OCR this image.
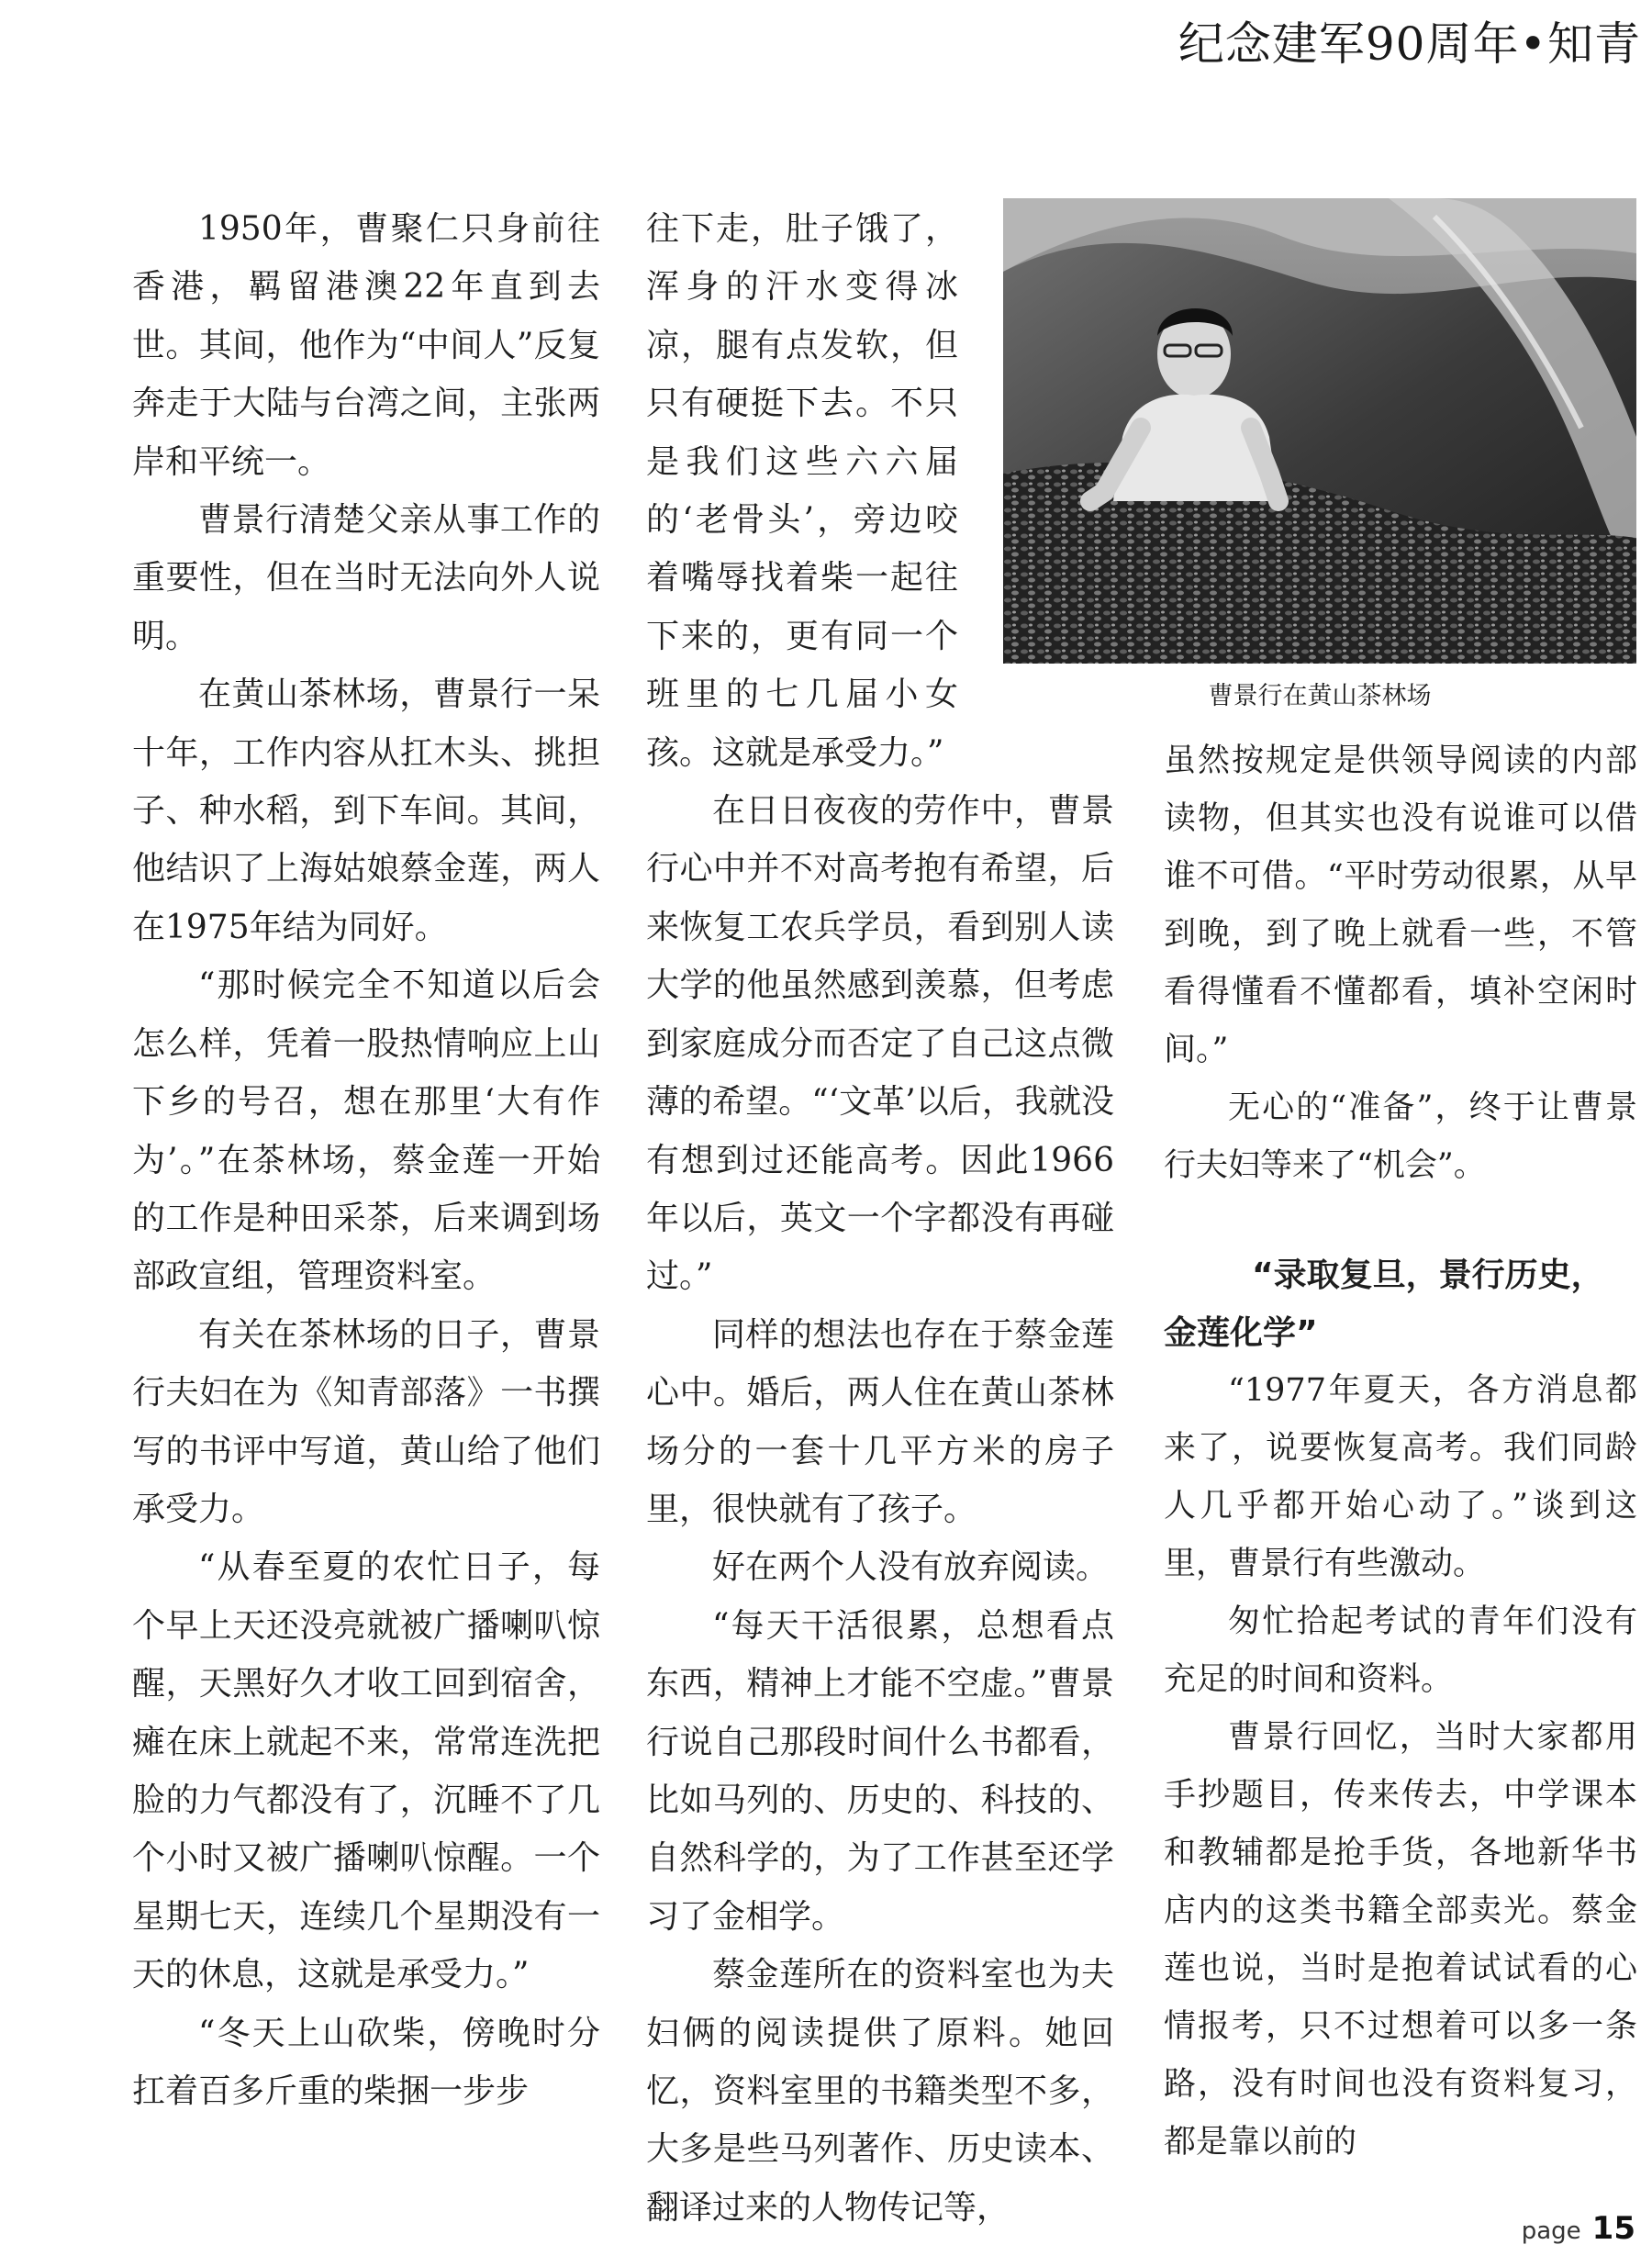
纪念建军90周年•知青

1950年，曹聚仁只身前往香港，羁留港澳22年直到去世。其间，他作为“中间人”反复奔走于大陆与台湾之间，主张两岸和平统一。

曹景行清楚父亲从事工作的重要性，但在当时无法向外人说明。

在黄山茶林场，曹景行一呆十年，工作内容从扛木头、挑担子、种水稻，到下车间。其间，他结识了上海姑娘蔡金莲，两人在1975年结为同好。

“那时候完全不知道以后会怎么样，凭着一股热情响应上山下乡的号召，想在那里‘大有作为’。”在茶林场，蔡金莲一开始的工作是种田采茶，后来调到场部政宣组，管理资料室。

有关在茶林场的日子，曹景行夫妇在为《知青部落》一书撰写的书评中写道，黄山给了他们承受力。

“从春至夏的农忙日子，每个早上天还没亮就被广播喇叭惊醒，天黑好久才收工回到宿舍，瘫在床上就起不来，常常连洗把脸的力气都没有了，沉睡不了几个小时又被广播喇叭惊醒。一个星期七天，连续几个星期没有一天的休息，这就是承受力。”

“冬天上山砍柴，傍晚时分扛着百多斤重的柴捆一步步

往下走，肚子饿了，浑身的汗水变得冰凉，腿有点发软，但只有硬挺下去。不只是我们这些六六届的‘老骨头’，旁边咬着嘴辱找着柴一起往下来的，更有同一个班里的七几届小女孩。这就是承受力。”

在日日夜夜的劳作中，曹景行心中并不对高考抱有希望，后来恢复工农兵学员，看到别人读大学的他虽然感到羡慕，但考虑到家庭成分而否定了自己这点微薄的希望。“‘文革’以后，我就没有想到过还能高考。因此1966年以后，英文一个字都没有再碰过。”

同样的想法也存在于蔡金莲心中。婚后，两人住在黄山茶林场分的一套十几平方米的房子里，很快就有了孩子。

好在两个人没有放弃阅读。

“每天干活很累，总想看点东西，精神上才能不空虚。”曹景行说自己那段时间什么书都看，比如马列的、历史的、科技的、自然科学的，为了工作甚至还学习了金相学。

蔡金莲所在的资料室也为夫妇俩的阅读提供了原料。她回忆，资料室里的书籍类型不多，大多是些马列著作、历史读本、翻译过来的人物传记等，

曹景行在黄山茶林场

虽然按规定是供领导阅读的内部读物，但其实也没有说谁可以借谁不可借。“平时劳动很累，从早到晚，到了晚上就看一些，不管看得懂看不懂都看，填补空闲时间。”

无心的“准备”，终于让曹景行夫妇等来了“机会”。

“录取复旦，景行历史，
金莲化学”

“1977年夏天，各方消息都来了，说要恢复高考。我们同龄人几乎都开始心动了。”谈到这里，曹景行有些激动。

匆忙拾起考试的青年们没有充足的时间和资料。

曹景行回忆，当时大家都用手抄题目，传来传去，中学课本和教辅都是抢手货，各地新华书店内的这类书籍全部卖光。蔡金莲也说，当时是抱着试试看的心情报考，只不过想着可以多一条路，没有时间也没有资料复习，都是靠以前的

page 15
